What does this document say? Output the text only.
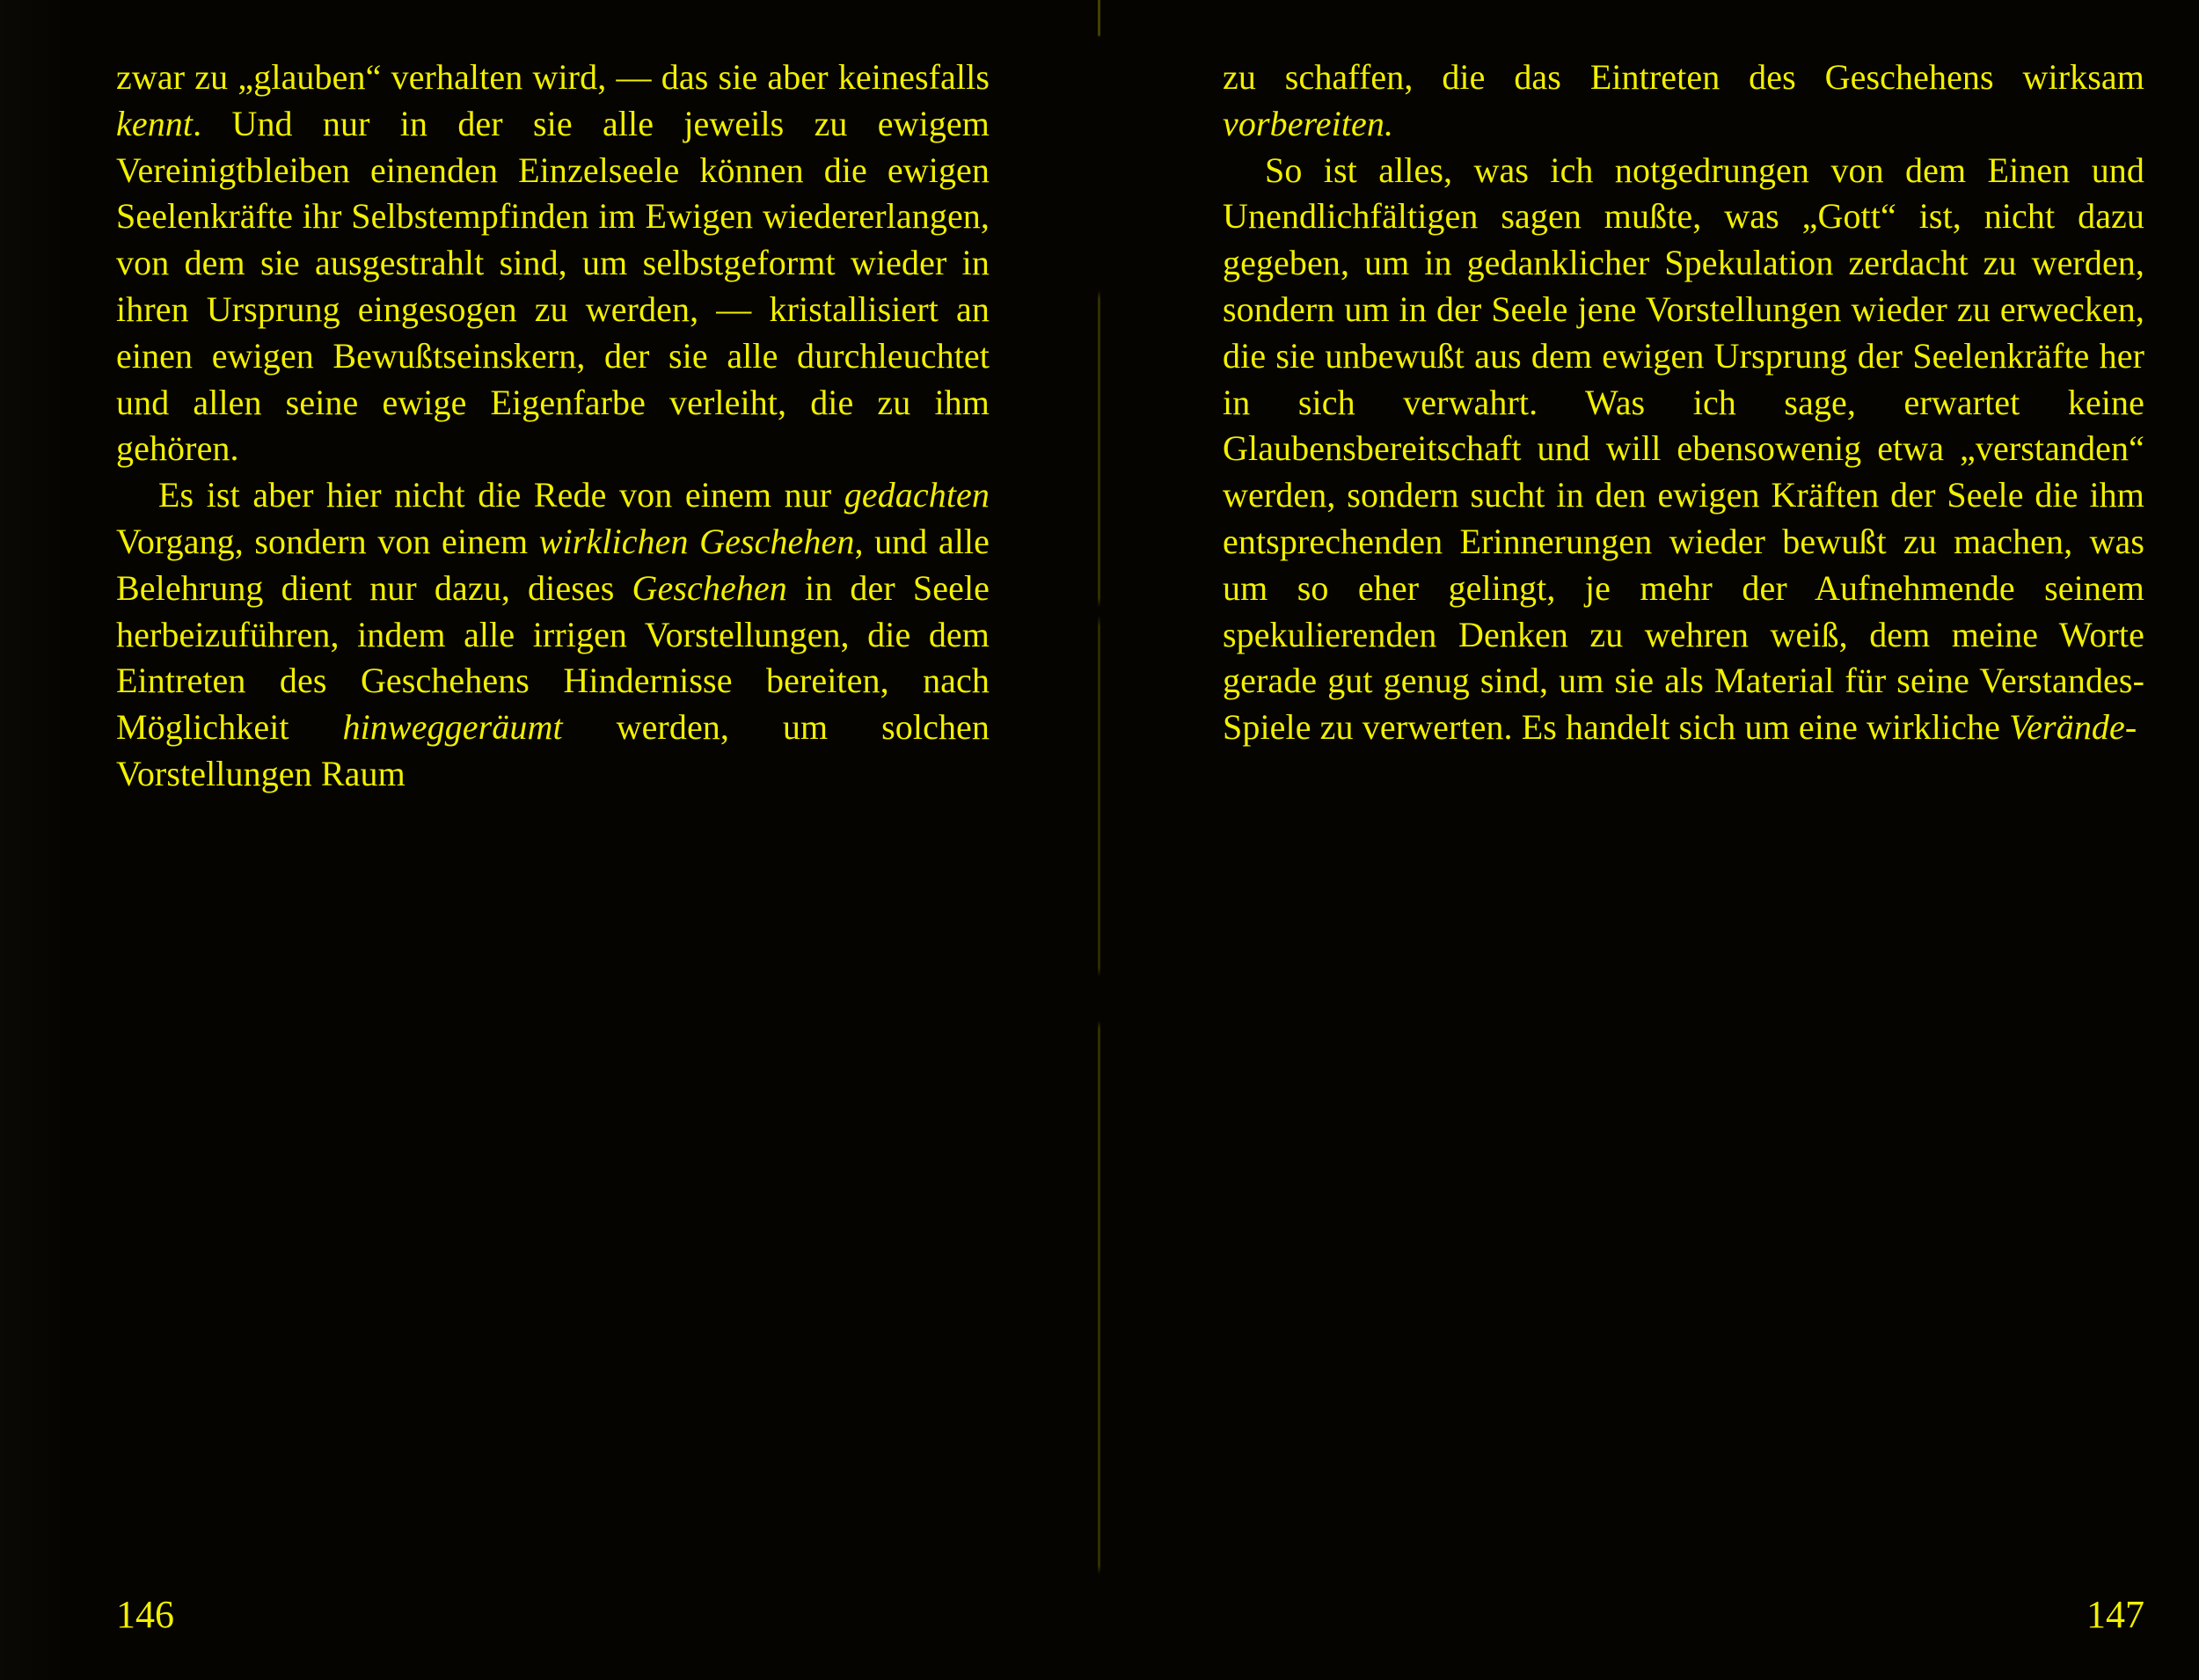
zwar zu „glauben“ verhalten wird, — das sie aber keinesfalls kennt. Und nur in der sie alle jeweils zu ewigem Vereinigtbleiben einenden Einzelseele können die ewigen Seelenkräfte ihr Selbstempfinden im Ewigen wiedererlangen, von dem sie ausgestrahlt sind, um selbstgeformt wieder in ihren Ursprung eingesogen zu werden, — kristallisiert an einen ewigen Bewußtseinskern, der sie alle durchleuchtet und allen seine ewige Eigenfarbe verleiht, die zu ihm gehören.

Es ist aber hier nicht die Rede von einem nur gedachten Vorgang, sondern von einem wirklichen Geschehen, und alle Belehrung dient nur dazu, dieses Geschehen in der Seele herbeizuführen, indem alle irrigen Vorstellungen, die dem Eintreten des Geschehens Hindernisse bereiten, nach Möglichkeit hinweggeräumt werden, um solchen Vorstellungen Raum

146

zu schaffen, die das Eintreten des Geschehens wirksam vorbereiten.

So ist alles, was ich notgedrungen von dem Einen und Unendlichfältigen sagen mußte, was „Gott“ ist, nicht dazu gegeben, um in gedanklicher Spekulation zerdacht zu werden, sondern um in der Seele jene Vorstellungen wieder zu erwecken, die sie unbewußt aus dem ewigen Ursprung der Seelenkräfte her in sich verwahrt. Was ich sage, erwartet keine Glaubensbereitschaft und will ebensowenig etwa „verstanden“ werden, sondern sucht in den ewigen Kräften der Seele die ihm entsprechenden Erinnerungen wieder bewußt zu machen, was um so eher gelingt, je mehr der Aufnehmende seinem spekulierenden Denken zu wehren weiß, dem meine Worte gerade gut genug sind, um sie als Material für seine Verstandes-Spiele zu verwerten. Es handelt sich um eine wirkliche Verände-

147
